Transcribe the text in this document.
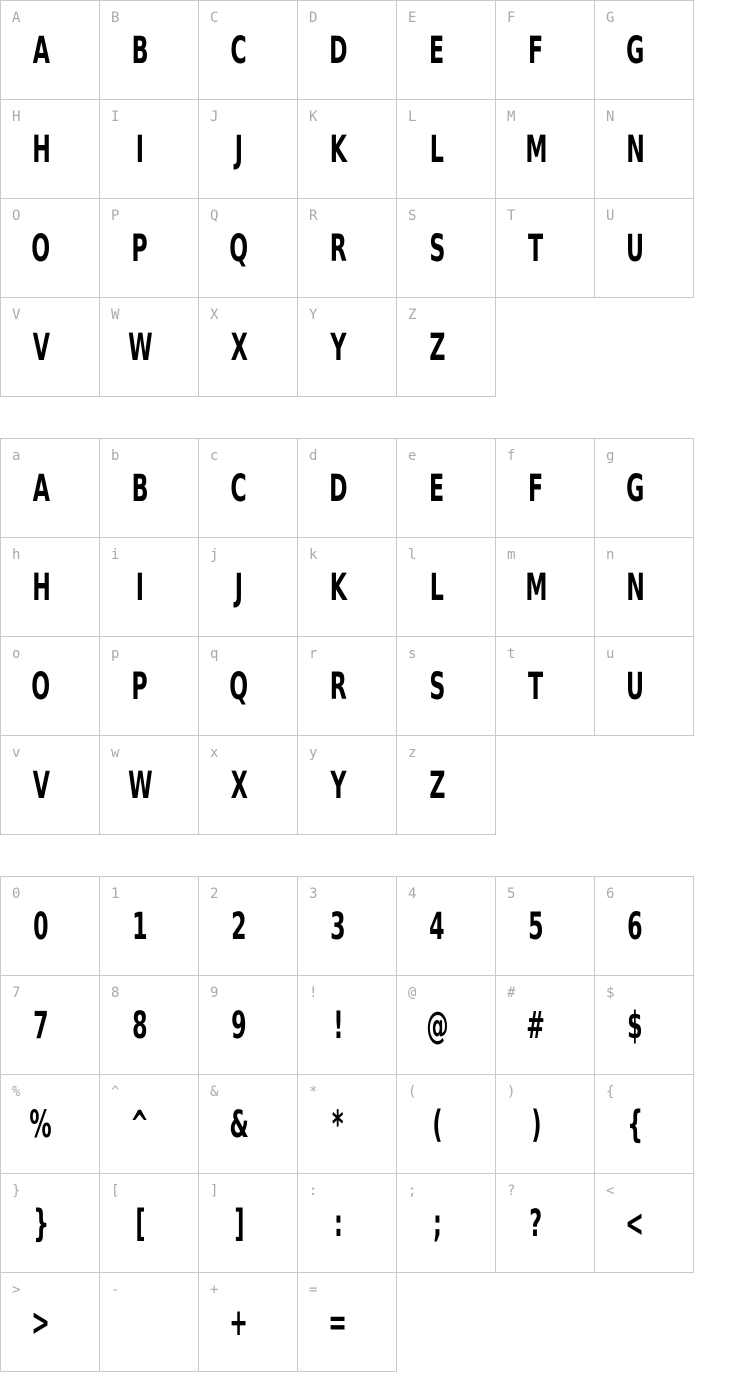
A
A
B
B
C
C
D
D
E
E
F
F
G
G
H
H
I
I
J
J
K
K
L
L
M
M
N
N
O
O
P
P
Q
Q
R
R
S
S
T
T
U
U
V
V
W
W
X
X
Y
Y
Z
Z
a
A
b
B
c
C
d
D
e
E
f
F
g
G
h
H
i
I
j
J
k
K
l
L
m
M
n
N
o
O
p
P
q
Q
r
R
s
S
t
T
u
U
v
V
w
W
x
X
y
Y
z
Z
0
0
1
1
2
2
3
3
4
4
5
5
6
6
7
7
8
8
9
9
!
!
@
@
#
#
$
$
%
%
^
^
&
&
*
*
(
(
)
)
{
{
}
}
[
[
]
]
:
:
;
;
?
?
<
<
>
>
-	+
+
=
=
